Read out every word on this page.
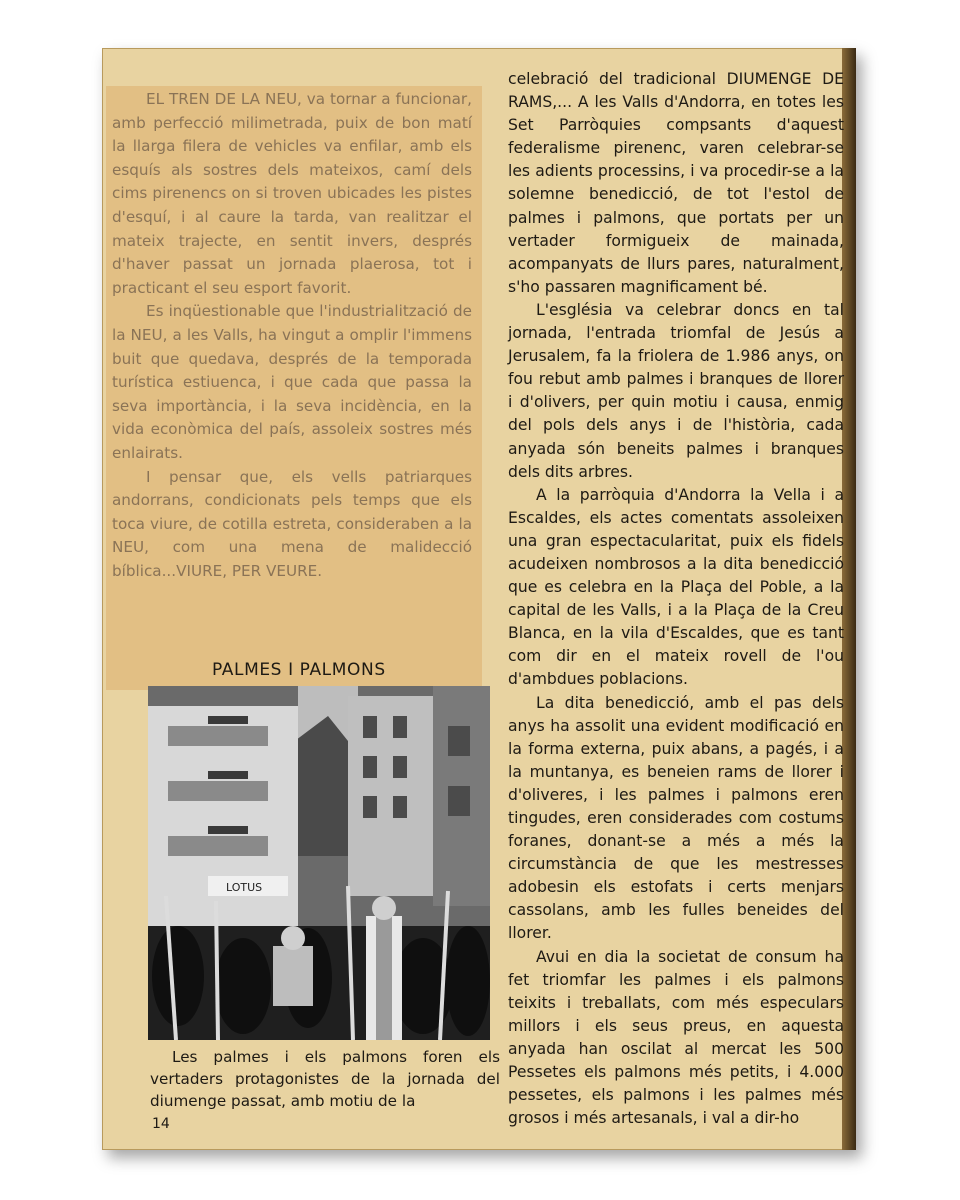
EL TREN DE LA NEU, va tornar a funcionar, amb perfecció milimetrada, puix de bon matí la llarga filera de vehicles va enfilar, amb els esquís als sostres dels mateixos, camí dels cims pirenencs on si troven ubicades les pistes d'esquí, i al caure la tarda, van realitzar el mateix trajecte, en sentit invers, després d'haver passat un jornada plaerosa, tot i practicant el seu esport favorit.

Es inqüestionable que l'industrialització de la NEU, a les Valls, ha vingut a omplir l'immens buit que quedava, després de la temporada turística estiuenca, i que cada que passa la seva importància, i la seva incidència, en la vida econòmica del país, assoleix sostres més enlairats.

I pensar que, els vells patriarques andorrans, condicionats pels temps que els toca viure, de cotilla estreta, consideraben a la NEU, com una mena de malidecció bíblica...VIURE, PER VEURE.

PALMES I PALMONS
LOTUS
Les palmes i els palmons foren els vertaders protagonistes de la jornada del diumenge passat, amb motiu de la
14

celebració del tradicional DIUMENGE DE RAMS,... A les Valls d'Andorra, en totes les Set Parròquies compsants d'aquest federalisme pirenenc, varen celebrar-se les adients processins, i va procedir-se a la solemne benedicció, de tot l'estol de palmes i palmons, que portats per un vertader formigueix de mainada, acompanyats de llurs pares, naturalment, s'ho passaren magnificament bé.

L'església va celebrar doncs en tal jornada, l'entrada triomfal de Jesús a Jerusalem, fa la friolera de 1.986 anys, on fou rebut amb palmes i branques de llorer i d'olivers, per quin motiu i causa, enmig del pols dels anys i de l'història, cada anyada són beneits palmes i branques dels dits arbres.

A la parròquia d'Andorra la Vella i a Escaldes, els actes comentats assoleixen una gran espectacularitat, puix els fidels acudeixen nombrosos a la dita benedicció que es celebra en la Plaça del Poble, a la capital de les Valls, i a la Plaça de la Creu Blanca, en la vila d'Escaldes, que es tant com dir en el mateix rovell de l'ou d'ambdues poblacions.

La dita benedicció, amb el pas dels anys ha assolit una evident modificació en la forma externa, puix abans, a pagés, i a la muntanya, es beneien rams de llorer i d'oliveres, i les palmes i palmons eren tingudes, eren considerades com costums foranes, donant-se a més a més la circumstància de que les mestresses adobesin els estofats i certs menjars cassolans, amb les fulles beneides del llorer.

Avui en dia la societat de consum ha fet triomfar les palmes i els palmons teixits i treballats, com més especulars millors i els seus preus, en aquesta anyada han oscilat al mercat les 500 Pessetes els palmons més petits, i 4.000 pessetes, els palmons i les palmes més grosos i més artesanals, i val a dir-ho
